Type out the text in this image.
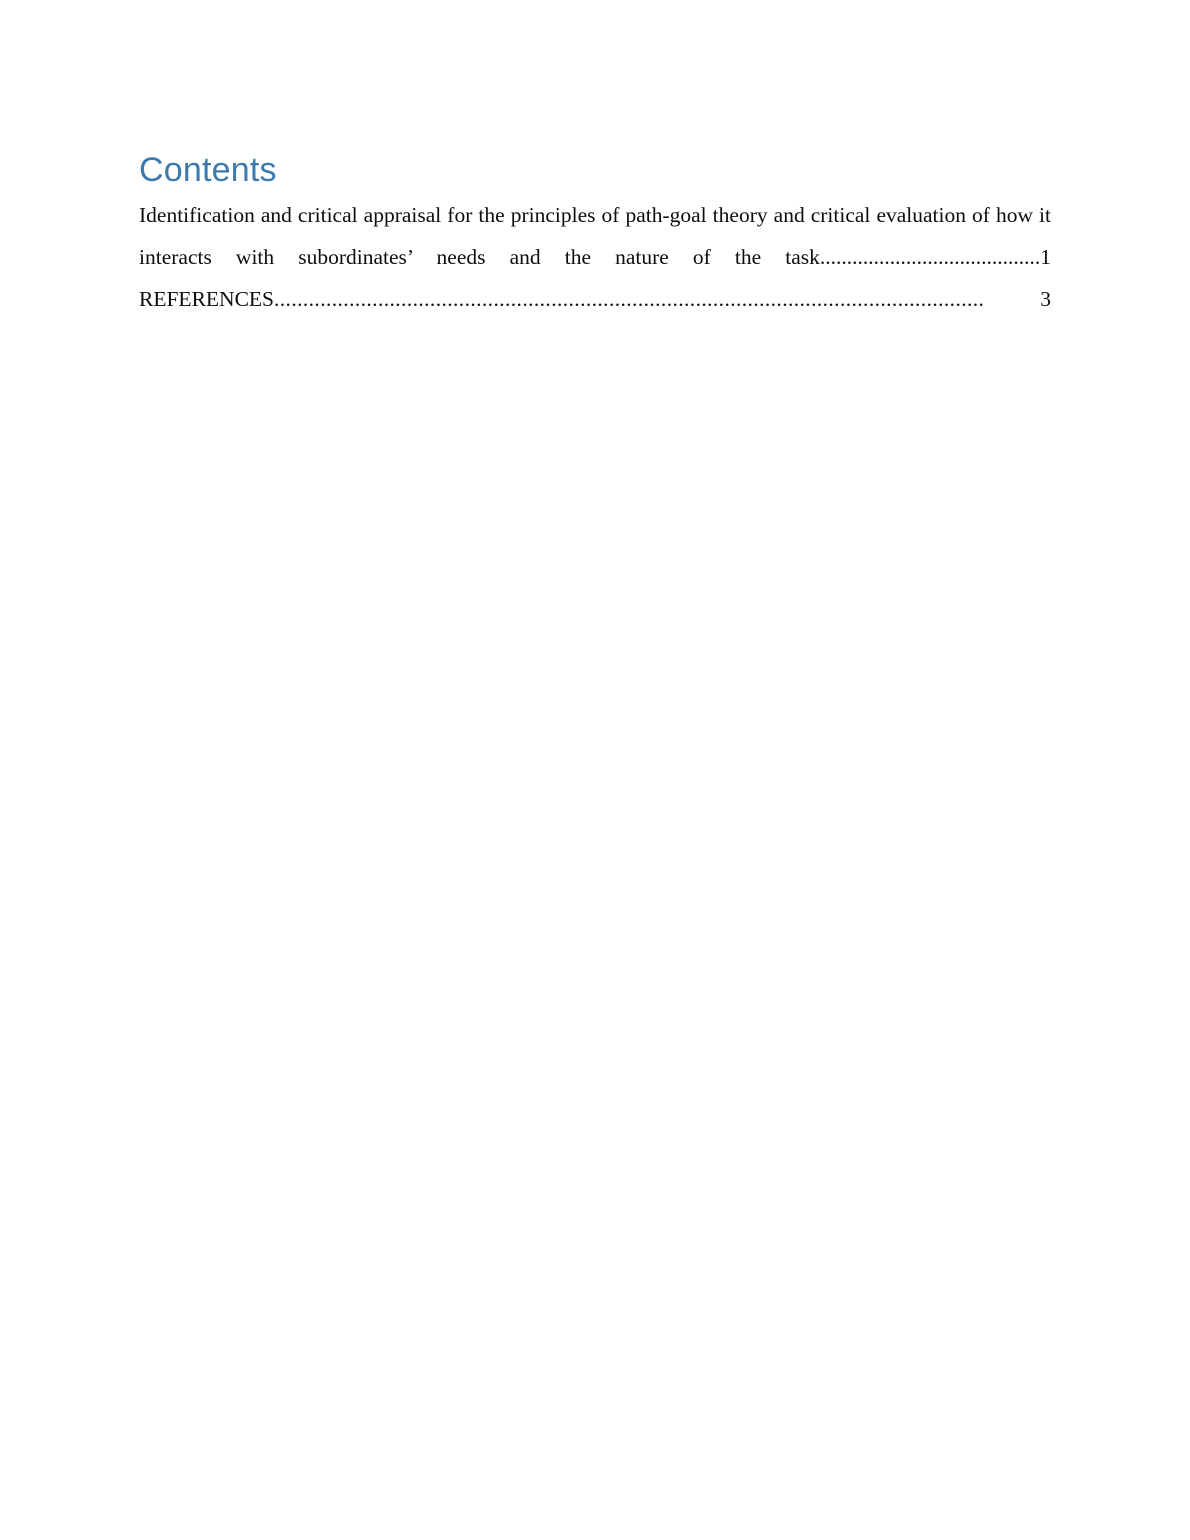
Contents
Identification and critical appraisal for the principles of path-goal theory and critical evaluation of how it interacts with subordinates’ needs and the nature of the task.........................................1
REFERENCES ...........................................................................................................................	3
